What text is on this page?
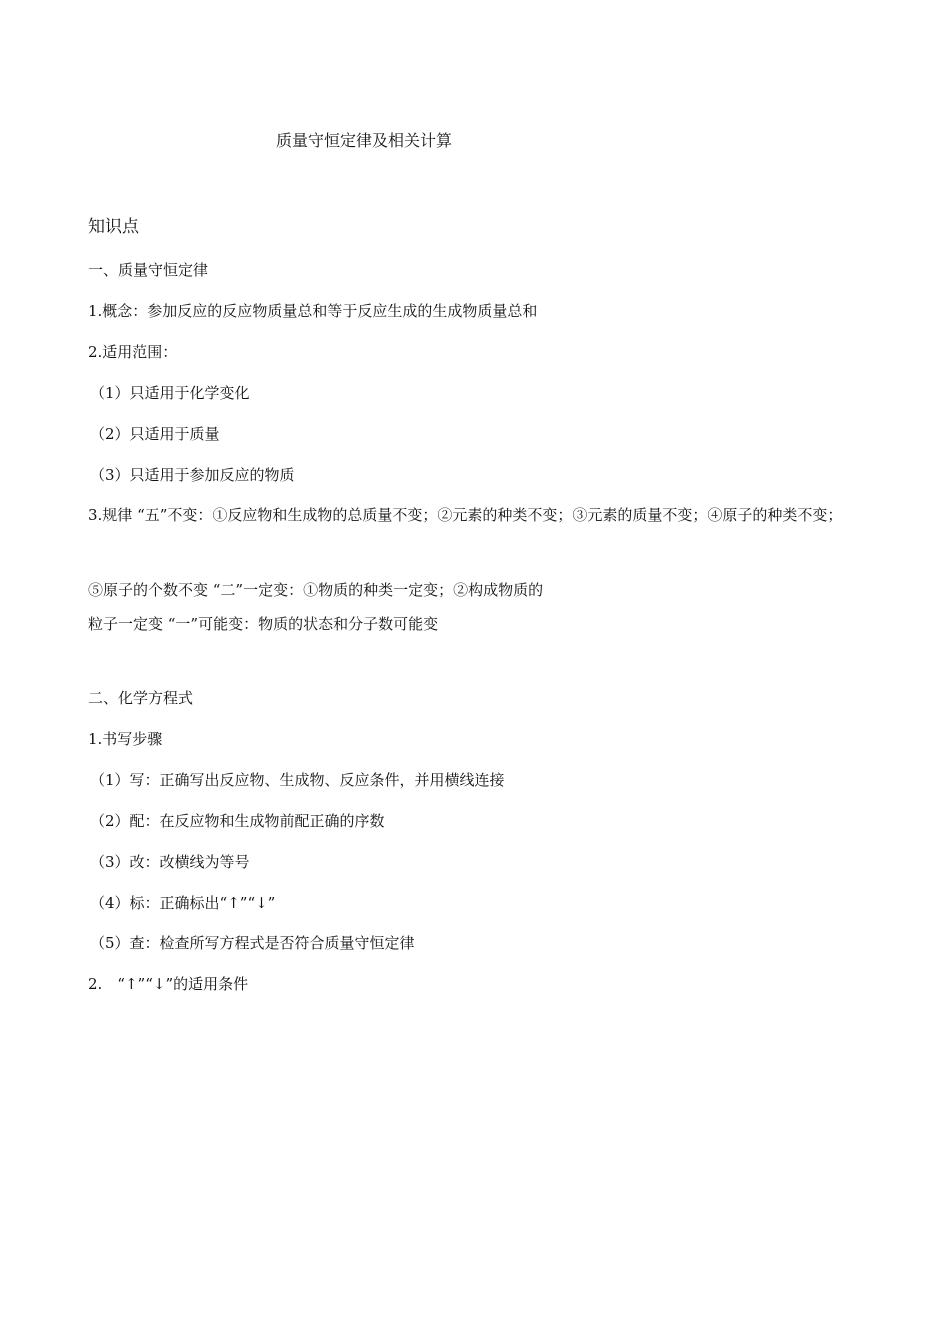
质量守恒定律及相关计算
知识点
一、质量守恒定律
1.概念：参加反应的反应物质量总和等于反应生成的生成物质量总和
2.适用范围：
（1）只适用于化学变化
（2）只适用于质量
（3）只适用于参加反应的物质
3.规律 “五”不变：①反应物和生成物的总质量不变；②元素的种类不变；③元素的质量不变；④原子的种类不变；
⑤原子的个数不变 “二”一定变：①物质的种类一定变；②构成物质的粒子一定变 “一”可能变：物质的状态和分子数可能变
二、化学方程式
1.书写步骤
（1）写：正确写出反应物、生成物、反应条件，并用横线连接
（2）配：在反应物和生成物前配正确的序数
（3）改：改横线为等号
（4）标：正确标出“↑”“↓”
（5）查：检查所写方程式是否符合质量守恒定律
2.　“↑”“↓”的适用条件
